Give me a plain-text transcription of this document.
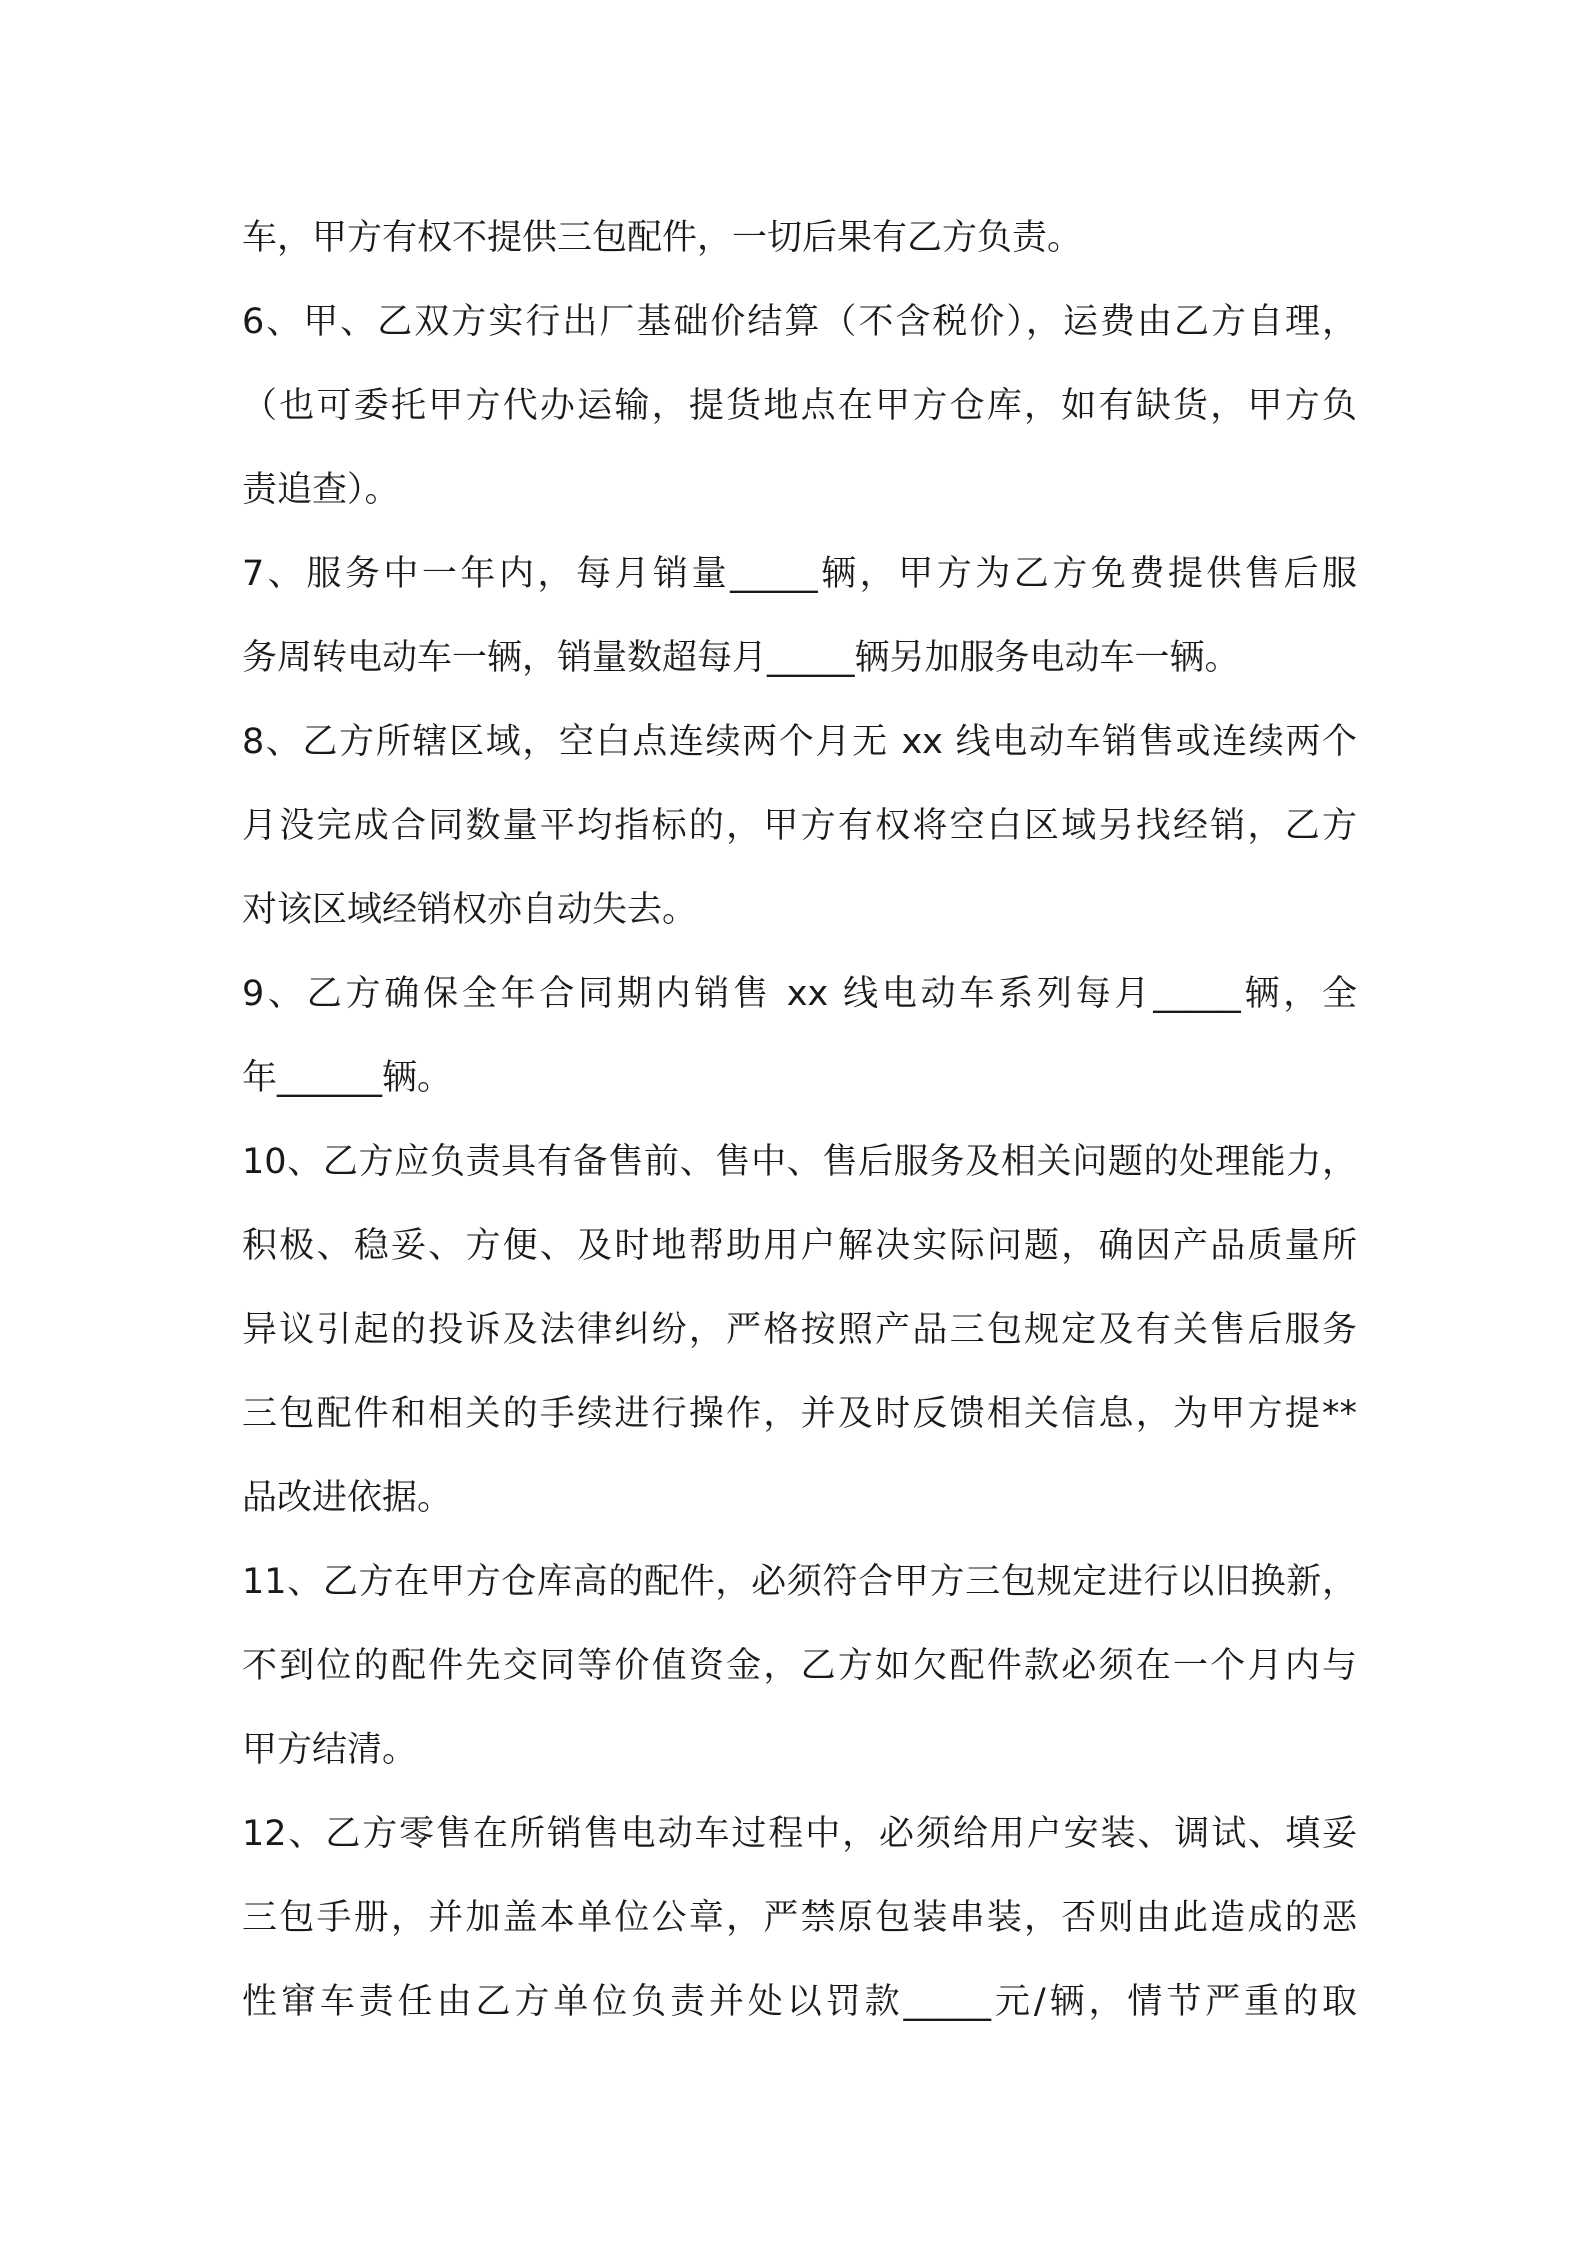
车，甲方有权不提供三包配件，一切后果有乙方负责。
6、甲、乙双方实行出厂基础价结算（不含税价），运费由乙方自理，
（也可委托甲方代办运输，提货地点在甲方仓库，如有缺货，甲方负
责追查）。
7、服务中一年内，每月销量_____辆，甲方为乙方免费提供售后服
务周转电动车一辆，销量数超每月_____辆另加服务电动车一辆。
8、乙方所辖区域，空白点连续两个月无 xx 线电动车销售或连续两个
月没完成合同数量平均指标的，甲方有权将空白区域另找经销，乙方
对该区域经销权亦自动失去。
9、乙方确保全年合同期内销售 xx 线电动车系列每月_____辆，全
年______辆。
10、乙方应负责具有备售前、售中、售后服务及相关问题的处理能力，
积极、稳妥、方便、及时地帮助用户解决实际问题，确因产品质量所
异议引起的投诉及法律纠纷，严格按照产品三包规定及有关售后服务
三包配件和相关的手续进行操作，并及时反馈相关信息，为甲方提**
品改进依据。
11、乙方在甲方仓库高的配件，必须符合甲方三包规定进行以旧换新，
不到位的配件先交同等价值资金，乙方如欠配件款必须在一个月内与
甲方结清。
12、乙方零售在所销售电动车过程中，必须给用户安装、调试、填妥
三包手册，并加盖本单位公章，严禁原包装串装，否则由此造成的恶
性窜车责任由乙方单位负责并处以罚款_____元/辆，情节严重的取
